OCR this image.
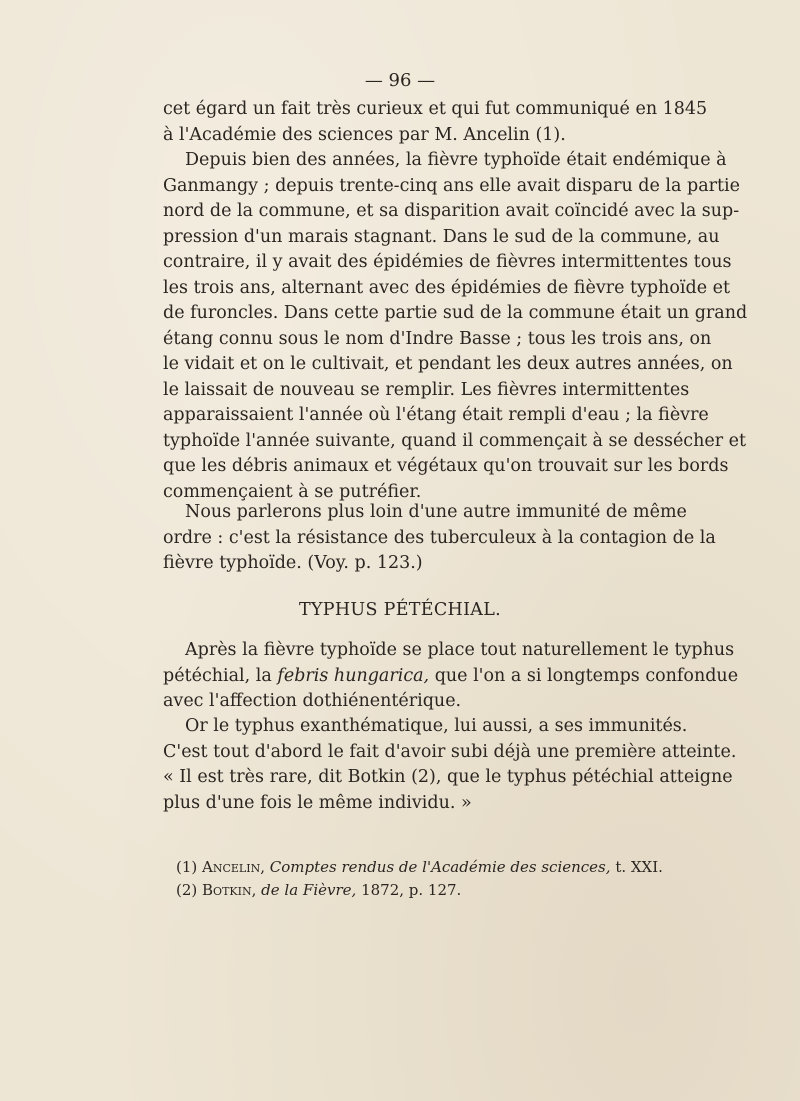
— 96 —
cet égard un fait très curieux et qui fut communiqué en 1845
à l'Académie des sciences par M. Ancelin (1).
Depuis bien des années, la fièvre typhoïde était endémique à
Ganmangy ; depuis trente-cinq ans elle avait disparu de la partie
nord de la commune, et sa disparition avait coïncidé avec la sup-
pression d'un marais stagnant. Dans le sud de la commune, au
contraire, il y avait des épidémies de fièvres intermittentes tous
les trois ans, alternant avec des épidémies de fièvre typhoïde et
de furoncles. Dans cette partie sud de la commune était un grand
étang connu sous le nom d'Indre Basse ; tous les trois ans, on
le vidait et on le cultivait, et pendant les deux autres années, on
le laissait de nouveau se remplir. Les fièvres intermittentes
apparaissaient l'année où l'étang était rempli d'eau ; la fièvre
typhoïde l'année suivante, quand il commençait à se dessécher et
que les débris animaux et végétaux qu'on trouvait sur les bords
commençaient à se putréfier.
Nous parlerons plus loin d'une autre immunité de même
ordre : c'est la résistance des tuberculeux à la contagion de la
fièvre typhoïde. (Voy. p. 123.)
TYPHUS PÉTÉCHIAL.
Après la fièvre typhoïde se place tout naturellement le typhus
pétéchial, la febris hungarica, que l'on a si longtemps confondue
avec l'affection dothiénentérique.
Or le typhus exanthématique, lui aussi, a ses immunités.
C'est tout d'abord le fait d'avoir subi déjà une première atteinte.
« Il est très rare, dit Botkin (2), que le typhus pétéchial atteigne
plus d'une fois le même individu. »
(1) Ancelin, Comptes rendus de l'Académie des sciences, t. XXI.
(2) Botkin, de la Fièvre, 1872, p. 127.
